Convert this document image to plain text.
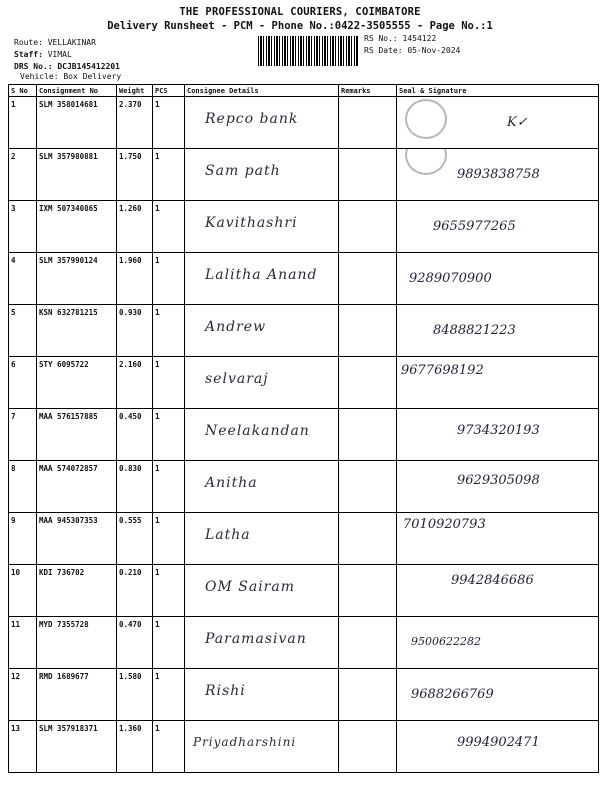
THE PROFESSIONAL COURIERS, COIMBATORE
Delivery Runsheet - PCM - Phone No.:0422-3505555 - Page No.:1
Route: VELLAKINAR
Staff: VIMAL
DRS No.: DCJB145412201
Vehicle: Box Delivery
RS No.: 1454122
RS Date: 05-Nov-2024
S No	Consignment No	Weight	PCS	Consignee Details	Remarks	Seal & Signature
1	SLM 358014681	2.370	1	Repco bank		K✓

2	SLM 357980881	1.750	1	Sam path		9893838758

3	IXM 507340865	1.260	1	Kavithashri		9655977265

4	SLM 357990124	1.960	1	Lalitha Anand		9289070900

5	KSN 632781215	0.930	1	Andrew		8488821223

6	STY 6095722	2.160	1	selvaraj		9677698192

7	MAA 576157885	0.450	1	Neelakandan		9734320193

8	MAA 574072857	0.830	1	Anitha		9629305098

9	MAA 945307353	0.555	1	Latha		7010920793

10	KDI 736702	0.210	1	OM Sairam		9942846686

11	MYD 7355728	0.470	1	Paramasivan		9500622282

12	RMD 1689677	1.580	1	Rishi		9688266769

13	SLM 357918371	1.360	1	Priyadharshini		9994902471
